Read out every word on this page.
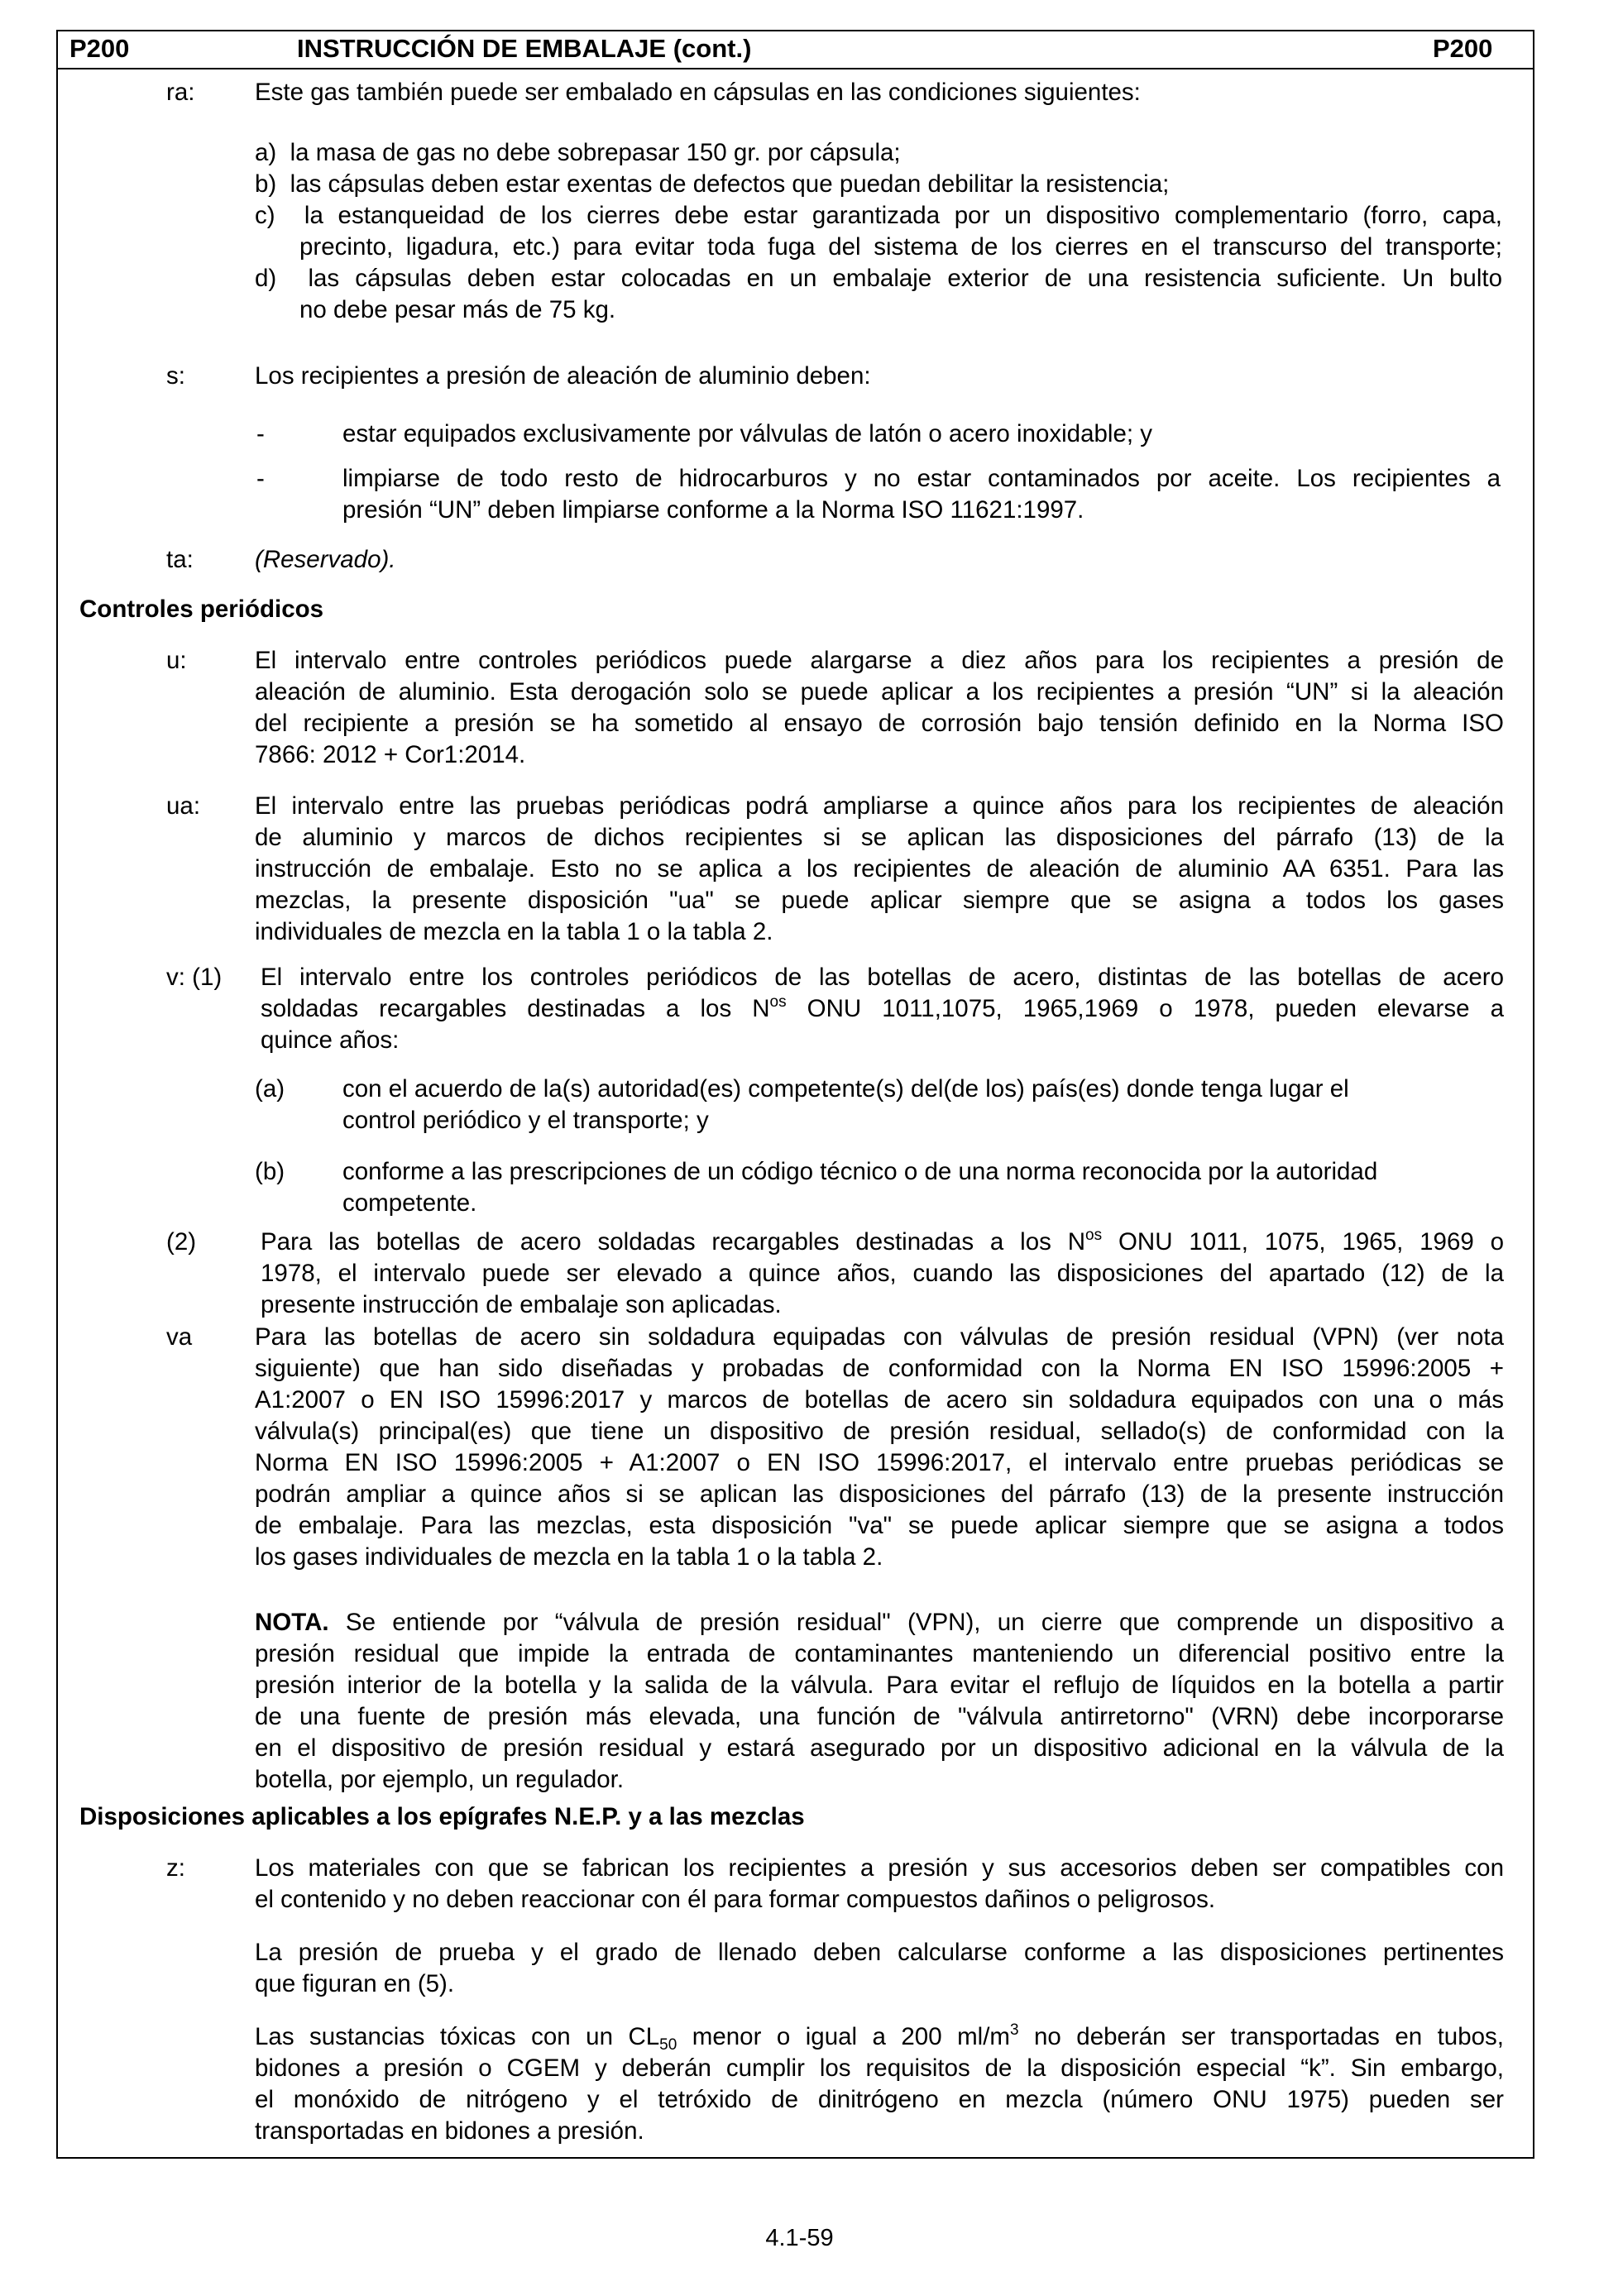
P200	INSTRUCCIÓN DE EMBALAJE (cont.)	P200
ra: Este gas también puede ser embalado en cápsulas en las condiciones siguientes:
a)  la masa de gas no debe sobrepasar 150 gr. por cápsula;
b)  las cápsulas deben estar exentas de defectos que puedan debilitar la resistencia;
c)  la estanqueidad de los cierres debe estar garantizada por un dispositivo complementario (forro, capa,
precinto, ligadura, etc.) para evitar toda fuga del sistema de los cierres en el transcurso del transporte;
d)  las cápsulas deben estar colocadas en un embalaje exterior de una resistencia suficiente. Un bulto
no debe pesar más de 75 kg.
s:	Los recipientes a presión de aleación de aluminio deben:
-	estar equipados exclusivamente por válvulas de latón o acero inoxidable; y
-	limpiarse de todo resto de hidrocarburos y no estar contaminados por aceite. Los recipientes a
presión “UN” deben limpiarse conforme a la Norma ISO 11621:1997.
ta:	(Reservado).
Controles periódicos
u:	El intervalo entre controles periódicos puede alargarse a diez años para los recipientes a presión de
aleación de aluminio. Esta derogación solo se puede aplicar a los recipientes a presión “UN” si la aleación
del recipiente a presión se ha sometido al ensayo de corrosión bajo tensión definido en la Norma ISO
7866: 2012 + Cor1:2014.
ua: El intervalo entre las pruebas periódicas podrá ampliarse a quince años para los recipientes de aleación
de aluminio y marcos de dichos recipientes si se aplican las disposiciones del párrafo (13) de la
instrucción de embalaje. Esto no se aplica a los recipientes de aleación de aluminio AA 6351. Para las
mezclas, la presente disposición "ua" se puede aplicar siempre que se asigna a todos los gases
individuales de mezcla en la tabla 1 o la tabla 2.
v: (1) El intervalo entre los controles periódicos de las botellas de acero, distintas de las botellas de acero
soldadas recargables destinadas a los $N^{os}$ ONU 1011,1075, 1965,1969 o 1978, pueden elevarse a
quince años:
(a) con el acuerdo de la(s) autoridad(es) competente(s) del(de los) país(es) donde tenga lugar el
control periódico y el transporte; y
(b) conforme a las prescripciones de un código técnico o de una norma reconocida por la autoridad
competente.
(2)	Para las botellas de acero soldadas recargables destinadas a los $N^{os}$ ONU 1011, 1075, 1965, 1969 o
1978, el intervalo puede ser elevado a quince años, cuando las disposiciones del apartado (12) de la
presente instrucción de embalaje son aplicadas.
va	Para las botellas de acero sin soldadura equipadas con válvulas de presión residual (VPN) (ver nota
siguiente) que han sido diseñadas y probadas de conformidad con la Norma EN ISO 15996:2005 +
A1:2007 o EN ISO 15996:2017 y marcos de botellas de acero sin soldadura equipados con una o más
válvula(s) principal(es) que tiene un dispositivo de presión residual, sellado(s) de conformidad con la
Norma EN ISO 15996:2005 + A1:2007 o EN ISO 15996:2017, el intervalo entre pruebas periódicas se
podrán ampliar a quince años si se aplican las disposiciones del párrafo (13) de la presente instrucción
de embalaje. Para las mezclas, esta disposición "va" se puede aplicar siempre que se asigna a todos
los gases individuales de mezcla en la tabla 1 o la tabla 2.
NOTA. Se entiende por “válvula de presión residual" (VPN), un cierre que comprende un dispositivo a
presión residual que impide la entrada de contaminantes manteniendo un diferencial positivo entre la
presión interior de la botella y la salida de la válvula. Para evitar el reflujo de líquidos en la botella a partir
de una fuente de presión más elevada, una función de "válvula antirretorno" (VRN) debe incorporarse
en el dispositivo de presión residual y estará asegurado por un dispositivo adicional en la válvula de la
botella, por ejemplo, un regulador.
Disposiciones aplicables a los epígrafes N.E.P. y a las mezclas
z:	Los materiales con que se fabrican los recipientes a presión y sus accesorios deben ser compatibles con
el contenido y no deben reaccionar con él para formar compuestos dañinos o peligrosos.
La presión de prueba y el grado de llenado deben calcularse conforme a las disposiciones pertinentes
que figuran en (5).
Las sustancias tóxicas con un $CL_{50}$ menor o igual a 200 $ml/m^3$ no deberán ser transportadas en tubos,
bidones a presión o CGEM y deberán cumplir los requisitos de la disposición especial “k”. Sin embargo,
el monóxido de nitrógeno y el tetróxido de dinitrógeno en mezcla (número ONU 1975) pueden ser
transportadas en bidones a presión.
4.1-59
